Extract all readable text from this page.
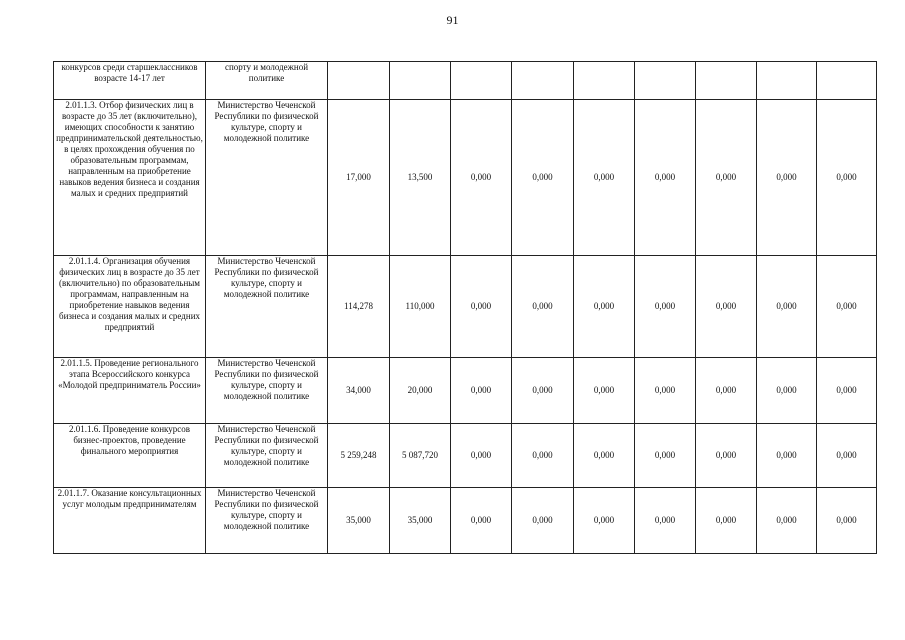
91
конкурсов среди старшеклассников возрасте 14-17 лет	спорту и молодежной политике									
2.01.1.3. Отбор физических лиц в возрасте до 35 лет (включительно), имеющих способности к занятию предпринимательской деятельностью, в целях прохождения обучения по образовательным программам, направленным на приобретение навыков ведения бизнеса и создания малых и средних предприятий	Министерство Чеченской Республики по физической культуре, спорту и молодежной политике	17,000	13,500	0,000	0,000	0,000	0,000	0,000	0,000	0,000
2.01.1.4. Организация обучения физических лиц в возрасте до 35 лет (включительно) по образовательным программам, направленным на приобретение навыков ведения бизнеса и создания малых и средних предприятий	Министерство Чеченской Республики по физической культуре, спорту и молодежной политике	114,278	110,000	0,000	0,000	0,000	0,000	0,000	0,000	0,000
2.01.1.5. Проведение регионального этапа Всероссийского конкурса «Молодой предприниматель России»	Министерство Чеченской Республики по физической культуре, спорту и молодежной политике	34,000	20,000	0,000	0,000	0,000	0,000	0,000	0,000	0,000
2.01.1.6. Проведение конкурсов бизнес-проектов, проведение финального мероприятия	Министерство Чеченской Республики по физической культуре, спорту и молодежной политике	5 259,248	5 087,720	0,000	0,000	0,000	0,000	0,000	0,000	0,000
2.01.1.7. Оказание консультационных услуг молодым предпринимателям	Министерство Чеченской Республики по физической культуре, спорту и молодежной политике	35,000	35,000	0,000	0,000	0,000	0,000	0,000	0,000	0,000
